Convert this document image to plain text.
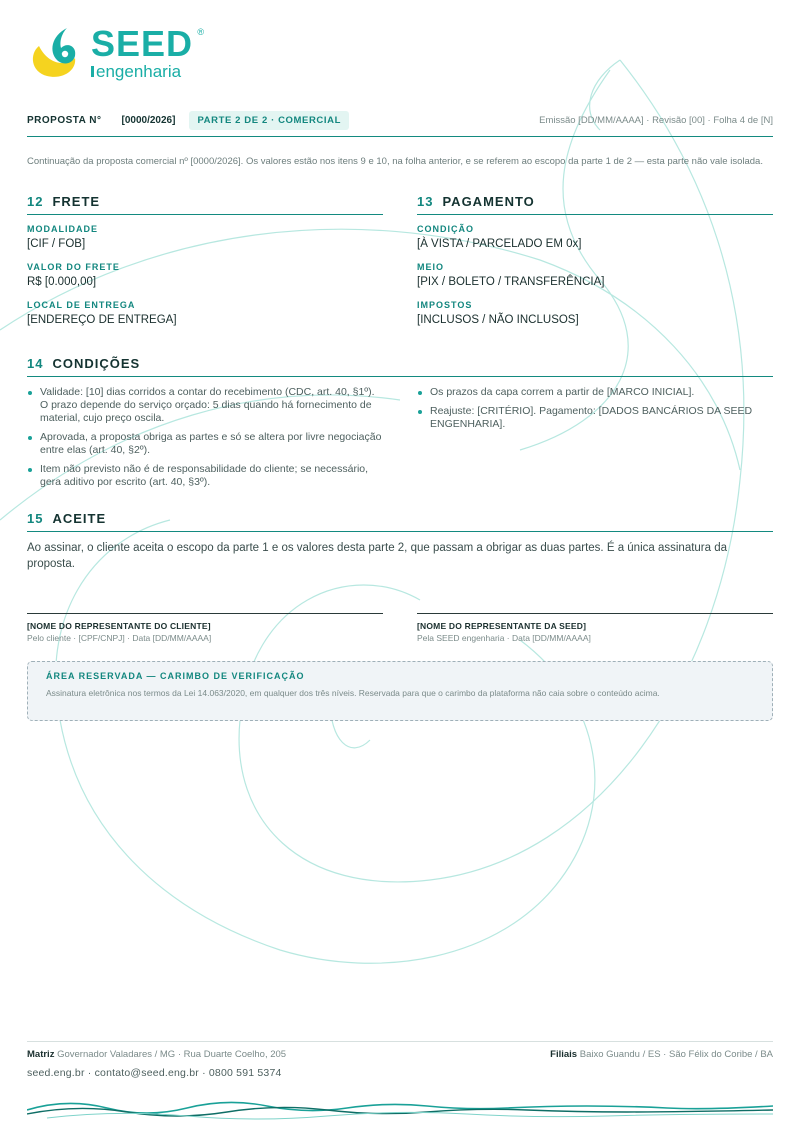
SEED ®
engenharia
PROPOSTA N° [0000/2026]	PARTE 2 DE 2 · COMERCIAL	Emissão [DD/MM/AAAA] · Revisão [00] · Folha 4 de [N]

Continuação da proposta comercial nº [0000/2026]. Os valores estão nos itens 9 e 10, na folha anterior, e se referem ao escopo da parte 1 de 2 — esta parte não vale isolada.

12 FRETE
MODALIDADE
[CIF / FOB]
VALOR DO FRETE
R$ [0.000,00]
LOCAL DE ENTREGA
[ENDEREÇO DE ENTREGA]
13 PAGAMENTO
CONDIÇÃO
[À VISTA / PARCELADO EM 0x]
MEIO
[PIX / BOLETO / TRANSFERÊNCIA]
IMPOSTOS
[INCLUSOS / NÃO INCLUSOS]
14 CONDIÇÕES
Validade: [10] dias corridos a contar do recebimento (CDC, art. 40, §1º). O prazo depende do serviço orçado: 5 dias quando há fornecimento de material, cujo preço oscila.
Aprovada, a proposta obriga as partes e só se altera por livre negociação entre elas (art. 40, §2º).
Item não previsto não é de responsabilidade do cliente; se necessário, gera aditivo por escrito (art. 40, §3º).
Os prazos da capa correm a partir de [MARCO INICIAL].
Reajuste: [CRITÉRIO]. Pagamento: [DADOS BANCÁRIOS DA SEED ENGENHARIA].
15 ACEITE

Ao assinar, o cliente aceita o escopo da parte 1 e os valores desta parte 2, que passam a obrigar as duas partes. É a única assinatura da proposta.

[NOME DO REPRESENTANTE DO CLIENTE]
Pelo cliente · [CPF/CNPJ] · Data [DD/MM/AAAA]
[NOME DO REPRESENTANTE DA SEED]
Pela SEED engenharia · Data [DD/MM/AAAA]
ÁREA RESERVADA — CARIMBO DE VERIFICAÇÃO
Assinatura eletrônica nos termos da Lei 14.063/2020, em qualquer dos três níveis. Reservada para que o carimbo da plataforma não caia sobre o conteúdo acima.
Matriz Governador Valadares / MG · Rua Duarte Coelho, 205	Filiais Baixo Guandu / ES · São Félix do Coribe / BA
seed.eng.br · contato@seed.eng.br · 0800 591 5374
